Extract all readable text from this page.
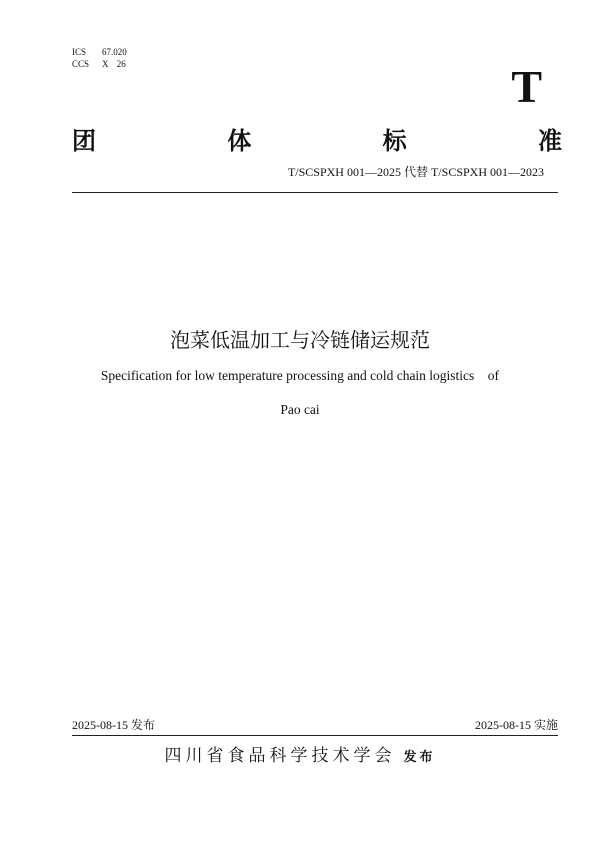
ICS 67.020
CCS X 26	T
团	体	标	准
T/SCSPXH 001—2025 代替 T/SCSPXH 001—2023
泡菜低温加工与冷链储运规范
Specification for low temperature processing and cold chain logistics    of
Pao cai
2025-08-15 发布	2025-08-15 实施
四川省食品科学技术学会 发布
